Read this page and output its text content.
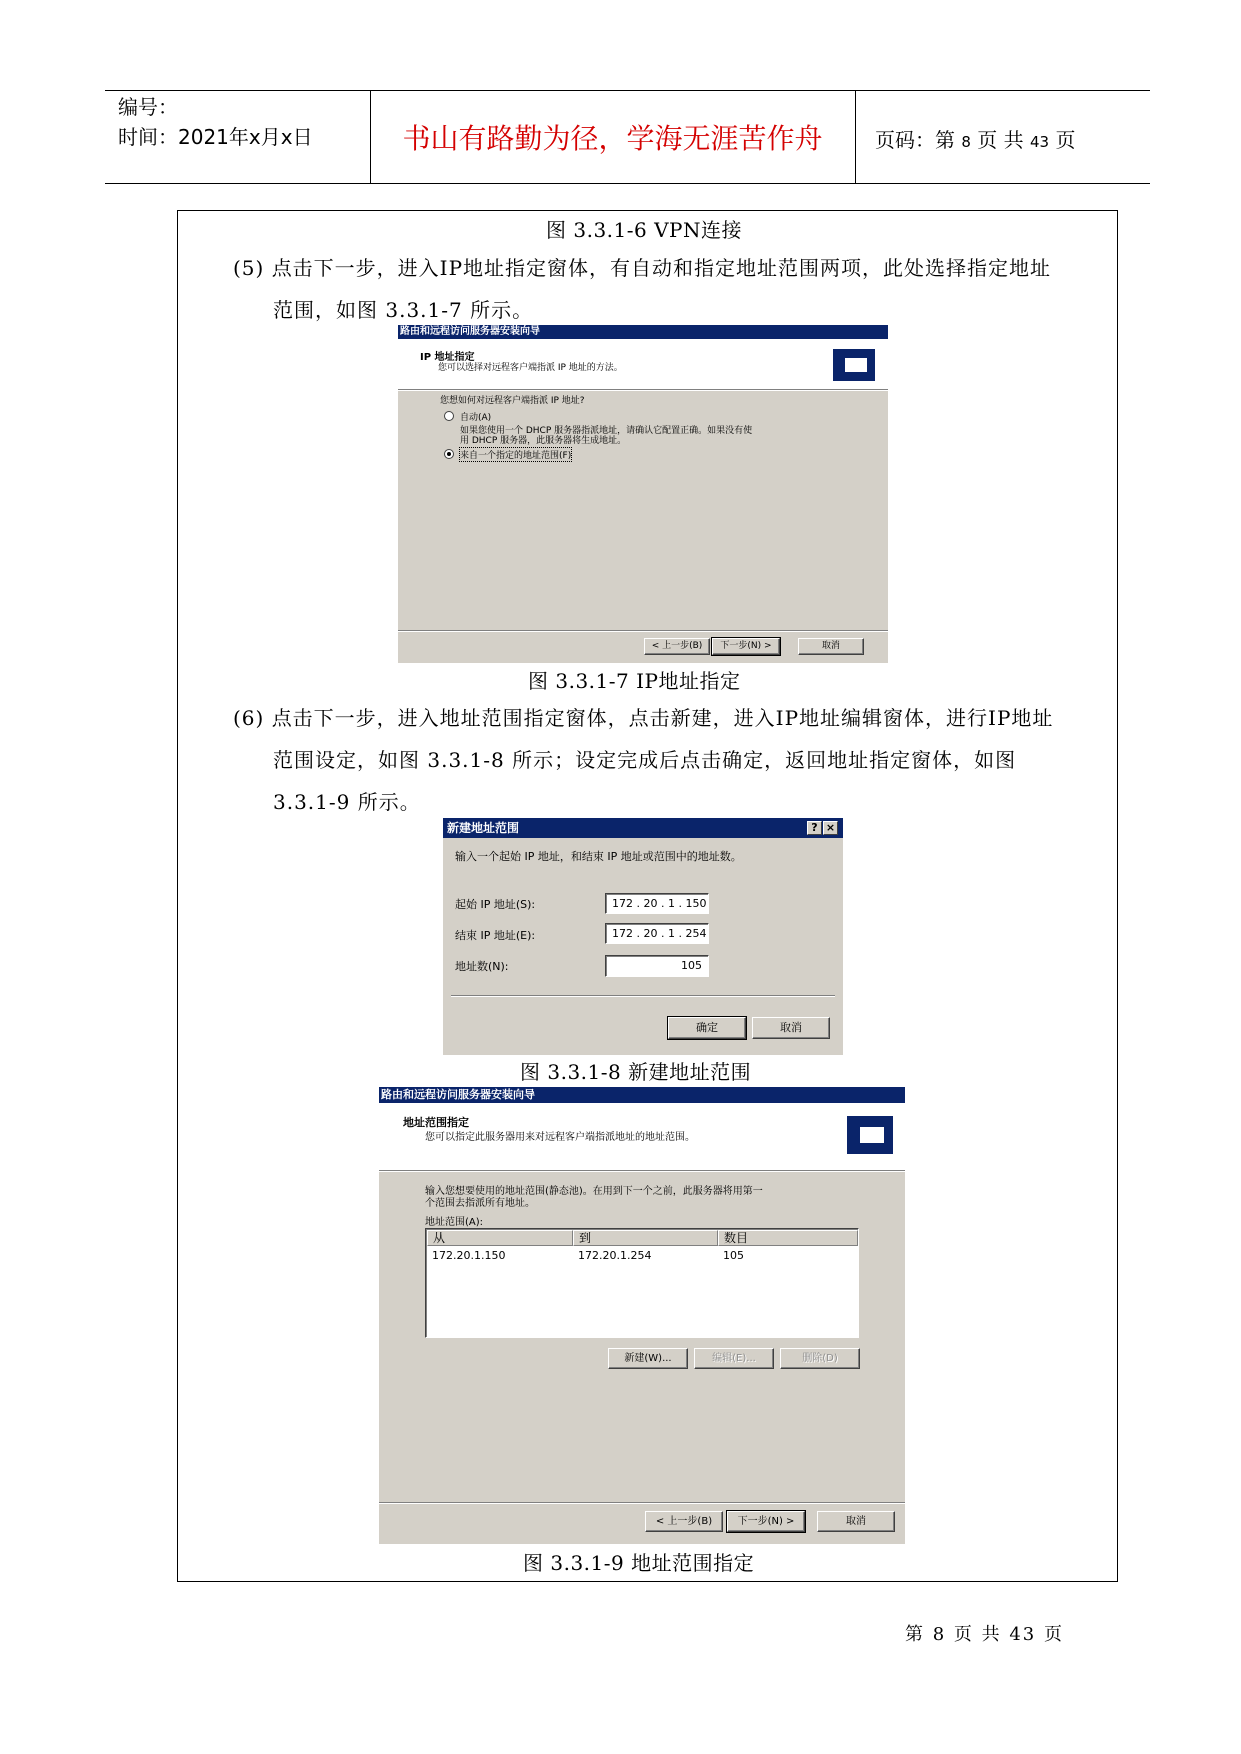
编号：
时间：2021年x月x日	书山有路勤为径，学海无涯苦作舟	页码：第 8 页 共 43 页
图 3.3.1-6 VPN连接
(5) 点击下一步，进入IP地址指定窗体，有自动和指定地址范围两项，此处选择指定地址
范围，如图 3.3.1-7 所示。
路由和远程访问服务器安装向导
IP 地址指定
您可以选择对远程客户端指派 IP 地址的方法。
您想如何对远程客户端指派 IP 地址?
自动(A)
如果您使用一个 DHCP 服务器指派地址，请确认它配置正确。如果没有使
用 DHCP 服务器，此服务器将生成地址。
来自一个指定的地址范围(F)
< 上一步(B)	下一步(N) >	取消
图 3.3.1-7 IP地址指定
(6) 点击下一步，进入地址范围指定窗体，点击新建，进入IP地址编辑窗体，进行IP地址
范围设定，如图 3.3.1-8 所示；设定完成后点击确定，返回地址指定窗体，如图
3.3.1-9 所示。
新建地址范围	? ×
输入一个起始 IP 地址，和结束 IP 地址或范围中的地址数。
起始 IP 地址(S):	172 . 20 . 1 . 150
结束 IP 地址(E):	172 . 20 . 1 . 254
地址数(N):	105
确定	取消
图 3.3.1-8 新建地址范围
路由和远程访问服务器安装向导
地址范围指定
您可以指定此服务器用来对远程客户端指派地址的地址范围。
输入您想要使用的地址范围(静态池)。在用到下一个之前，此服务器将用第一
个范围去指派所有地址。
地址范围(A):
从	到	数目
172.20.1.150	172.20.1.254	105
新建(W)...	编辑(E)...	删除(D)
< 上一步(B)	下一步(N) >	取消
图 3.3.1-9 地址范围指定
第 8 页 共 43 页
